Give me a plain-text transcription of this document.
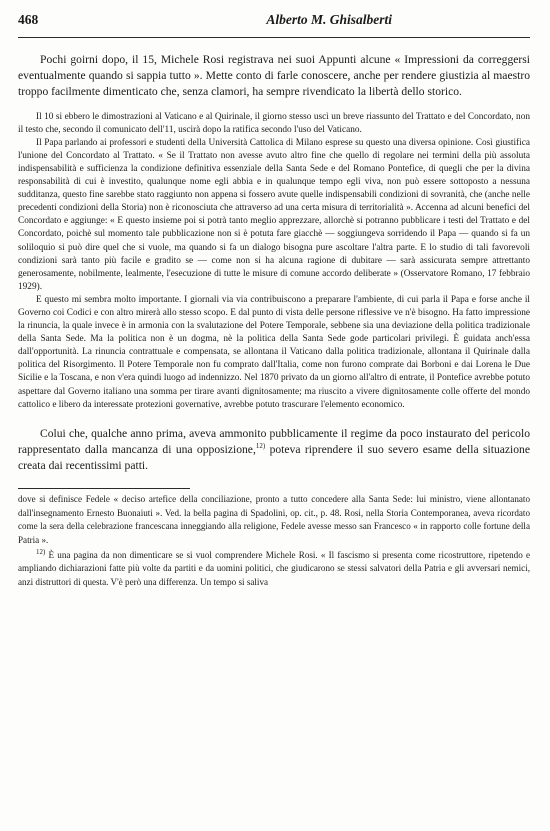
468	Alberto M. Ghisalberti

Pochi goirni dopo, il 15, Michele Rosi registrava nei suoi Appunti alcune « Impressioni da correggersi eventualmente quando si sappia tutto ». Mette conto di farle conoscere, anche per rendere giustizia al maestro troppo facilmente dimenticato che, senza clamori, ha sempre rivendicato la libertà dello storico.

Il 10 si ebbero le dimostrazioni al Vaticano e al Quirinale, il giorno stesso uscì un breve riassunto del Trattato e del Concordato, non il testo che, secondo il comunicato dell'11, uscirà dopo la ratifica secondo l'uso del Vaticano.

Il Papa parlando ai professori e studenti della Università Cattolica di Milano esprese su questo una diversa opinione. Così giustifica l'unione del Concordato al Trattato. « Se il Trattato non avesse avuto altro fine che quello di regolare nei termini della più assoluta indispensabilità e sufficienza la condizione definitiva essenziale della Santa Sede e del Romano Pontefice, di quegli che per la divina responsabilità di cui è investito, qualunque nome egli abbia e in qualunque tempo egli viva, non può essere sottoposto a nessuna sudditanza, questo fine sarebbe stato raggiunto non appena si fossero avute quelle indispensabili condizioni di sovranità, che (anche nelle precedenti condizioni della Storia) non è riconosciuta che attraverso ad una certa misura di territorialità ». Accenna ad alcuni benefici del Concordato e aggiunge: « E questo insieme poi si potrà tanto meglio apprezzare, allorchè si potranno pubblicare i testi del Trattato e del Concordato, poichè sul momento tale pubblicazione non si è potuta fare giacchè — soggiungeva sorridendo il Papa — quando si fa un soliloquio si può dire quel che si vuole, ma quando si fa un dialogo bisogna pure ascoltare l'altra parte. E lo studio di tali favorevoli condizioni sarà tanto più facile e gradito se — come non si ha alcuna ragione di dubitare — sarà assicurata sempre attrettanto generosamente, nobilmente, lealmente, l'esecuzione di tutte le misure di comune accordo deliberate » (Osservatore Romano, 17 febbraio 1929).

E questo mi sembra molto importante. I giornali via via contribuiscono a preparare l'ambiente, di cui parla il Papa e forse anche il Governo coi Codici e con altro mirerà allo stesso scopo. E dal punto di vista delle persone riflessive ve n'è bisogno. Ha fatto impressione la rinuncia, la quale invece è in armonia con la svalutazione del Potere Temporale, sebbene sia una deviazione della politica tradizionale della Santa Sede. Ma la politica non è un dogma, nè la politica della Santa Sede gode particolari privilegi. È guidata anch'essa dall'opportunità. La rinuncia contrattuale e compensata, se allontana il Vaticano dalla politica tradizionale, allontana il Quirinale dalla politica del Risorgimento. Il Potere Temporale non fu comprato dall'Italia, come non furono comprate dai Borboni e dai Lorena le Due Sicilie e la Toscana, e non v'era quindi luogo ad indennizzo. Nel 1870 privato da un giorno all'altro di entrate, il Pontefice avrebbe potuto aspettare dal Governo italiano una somma per tirare avanti dignitosamente; ma riuscito a vivere dignitosamente colle offerte del mondo cattolico e libero da interessate protezioni governative, avrebbe potuto trascurare l'elemento economico.

Colui che, qualche anno prima, aveva ammonito pubblicamente il regime da poco instaurato del pericolo rappresentato dalla mancanza di una opposizione,$^{12)}$ poteva riprendere il suo severo esame della situazione creata dai recentissimi patti.

dove si definisce Fedele « deciso artefice della conciliazione, pronto a tutto concedere alla Santa Sede: lui ministro, viene allontanato dall'insegnamento Ernesto Buonaiuti ». Ved. la bella pagina di Spadolini, op. cit., p. 48. Rosi, nella Storia Contemporanea, aveva ricordato come la sera della celebrazione francescana inneggiando alla religione, Fedele avesse messo san Francesco « in rapporto colle fortune della Patria ».

$^{12)}$ È una pagina da non dimenticare se si vuol comprendere Michele Rosi. « Il fascismo si presenta come ricostruttore, ripetendo e ampliando dichiarazioni fatte più volte da partiti e da uomini politici, che giudicarono se stessi salvatori della Patria e gli avversari nemici, anzi distruttori di questa. V'è però una differenza. Un tempo si saliva
